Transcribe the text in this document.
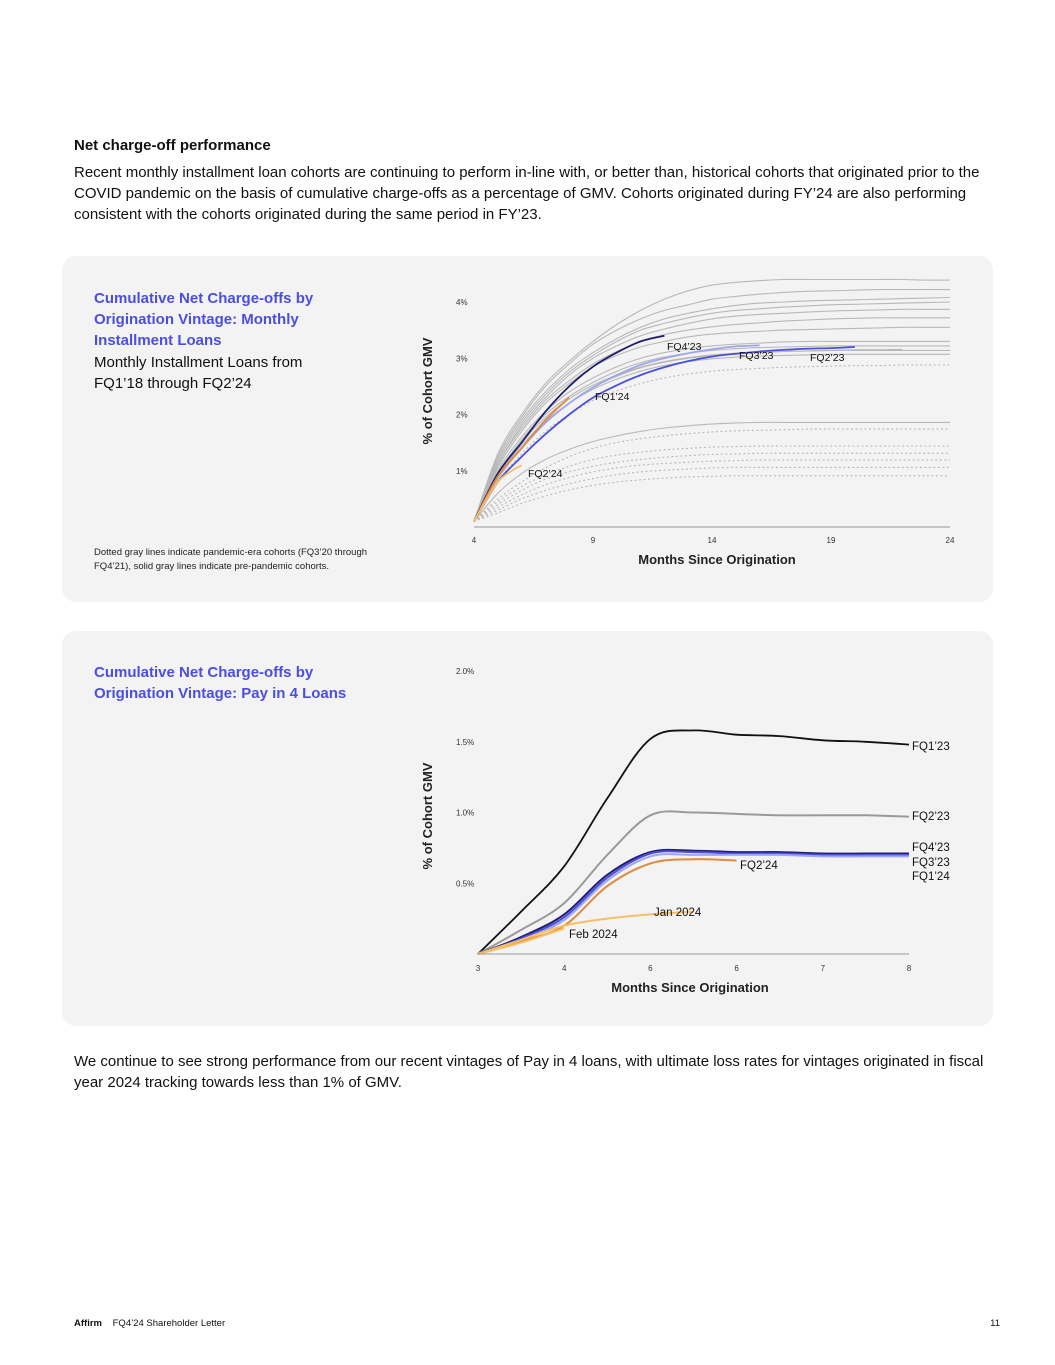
Net charge-off performance

Recent monthly installment loan cohorts are continuing to perform in-line with, or better than, historical cohorts that originated prior to the COVID pandemic on the basis of cumulative charge-offs as a percentage of GMV. Cohorts originated during FY’24 are also performing consistent with the cohorts originated during the same period in FY’23.

Cumulative Net Charge-offs by Origination Vintage: Monthly Installment Loans
Monthly Installment Loans from FQ1’18 through FQ2’24
Dotted gray lines indicate pandemic-era cohorts (FQ3’20 through FQ4’21), solid gray lines indicate pre-pandemic cohorts.
1%
2%
3%
4%
4	9	14	19	24
FQ4’23
FQ3’23	FQ2’23
FQ1’24
FQ2’24
Months Since Origination
% of Cohort GMV
Cumulative Net Charge-offs by Origination Vintage: Pay in 4 Loans
0.5%
1.0%
1.5%
2.0%
3	4	6	6	7	8
FQ1’23
FQ2’23
FQ4’23
FQ3’23
FQ1’24
FQ2’24
Jan 2024
Feb 2024
Months Since Origination
% of Cohort GMV

We continue to see strong performance from our recent vintages of Pay in 4 loans, with ultimate loss rates for vintages originated in fiscal year 2024 tracking towards less than 1% of GMV.

Affirm FQ4’24 Shareholder Letter	11
